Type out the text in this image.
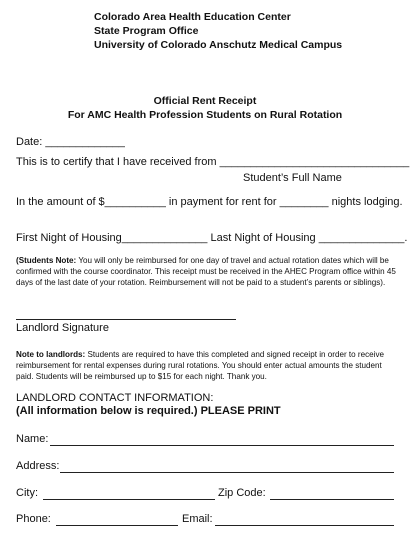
Colorado Area Health Education Center
State Program Office
University of Colorado Anschutz Medical Campus
Official Rent Receipt
For AMC Health Profession Students on Rural Rotation
Date: _____________
This is to certify that I have received from _______________________________
Student’s Full Name
In the amount of $__________ in payment for rent for ________ nights lodging.
First Night of Housing______________ Last Night of Housing ______________.
(Students Note: You will only be reimbursed for one day of travel and actual rotation dates which will be confirmed with the course coordinator. This receipt must be received in the AHEC Program office within 45 days of the last date of your rotation. Reimbursement will not be paid to a student’s parents or siblings).
Landlord Signature
Note to landlords: Students are required to have this completed and signed receipt in order to receive reimbursement for rental expenses during rural rotations. You should enter actual amounts the student paid. Students will be reimbursed up to $15 for each night. Thank you.
LANDLORD CONTACT INFORMATION:
(All information below is required.) PLEASE PRINT
Name:
Address:
City:	Zip Code:
Phone:	Email:
